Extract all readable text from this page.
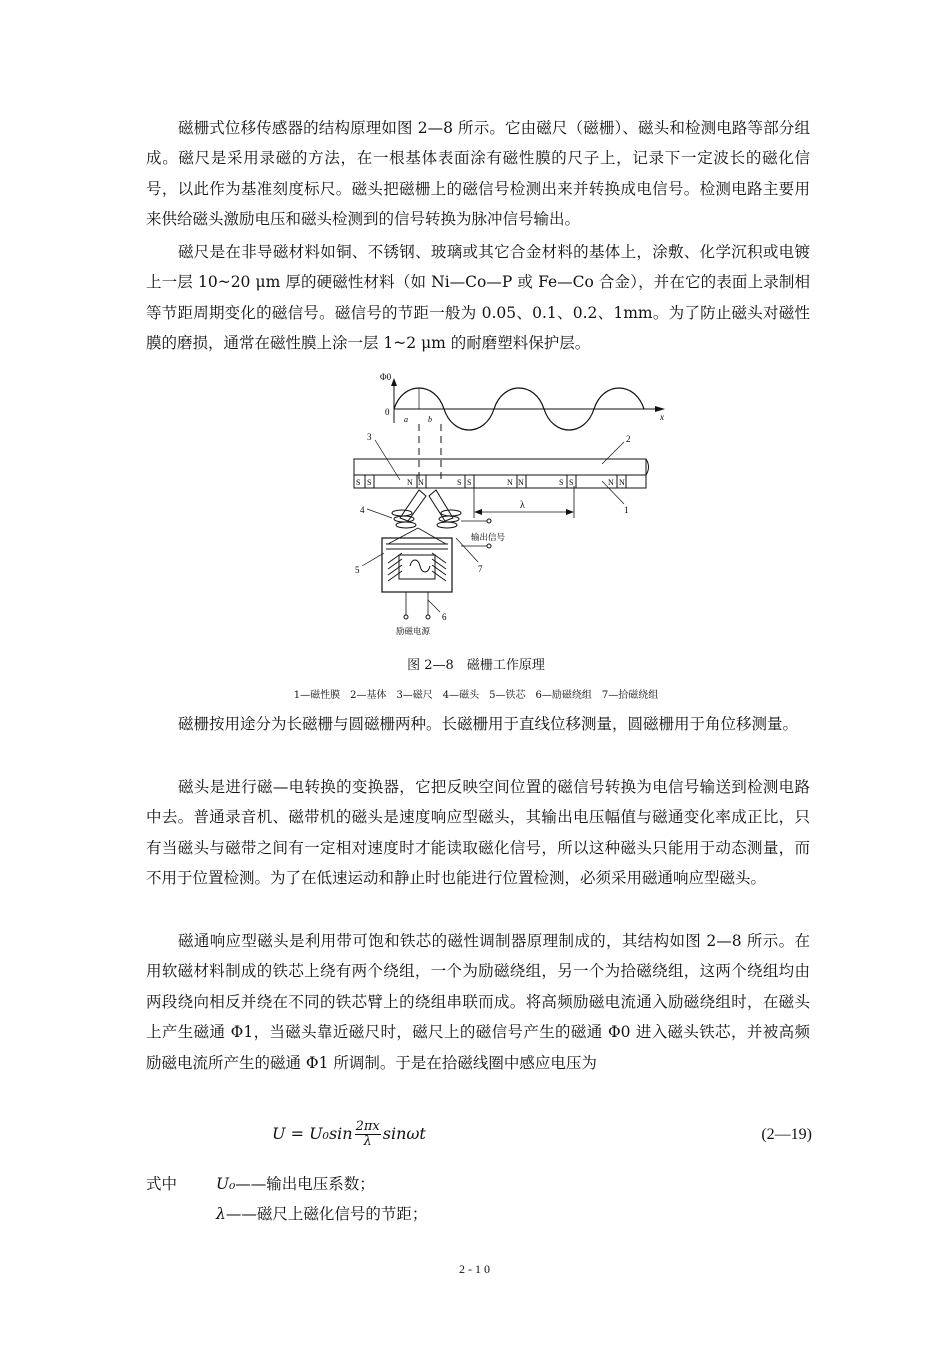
磁栅式位移传感器的结构原理如图 2—8 所示。它由磁尺（磁栅）、磁头和检测电路等部分组成。磁尺是采用录磁的方法，在一根基体表面涂有磁性膜的尺子上，记录下一定波长的磁化信号，以此作为基准刻度标尺。磁头把磁栅上的磁信号检测出来并转换成电信号。检测电路主要用来供给磁头激励电压和磁头检测到的信号转换为脉冲信号输出。

磁尺是在非导磁材料如铜、不锈钢、玻璃或其它合金材料的基体上，涂敷、化学沉积或电镀上一层 10~20 μm 厚的硬磁性材料（如 Ni—Co—P 或 Fe—Co 合金），并在它的表面上录制相等节距周期变化的磁信号。磁信号的节距一般为 0.05、0.1、0.2、1mm。为了防止磁头对磁性膜的磨损，通常在磁性膜上涂一层 1~2 μm 的耐磨塑料保护层。

Φ0
0	x
a	b
S S	N N	S S	N N	S S	N N
λ
3	2
1
4
输出信号
7
5
6
励磁电源
图 2—8　磁栅工作原理
1—磁性膜　2—基体　3—磁尺　4—磁头　5—铁芯　6—励磁绕组　7—拾磁绕组

磁栅按用途分为长磁栅与圆磁栅两种。长磁栅用于直线位移测量，圆磁栅用于角位移测量。

磁头是进行磁—电转换的变换器，它把反映空间位置的磁信号转换为电信号输送到检测电路中去。普通录音机、磁带机的磁头是速度响应型磁头，其输出电压幅值与磁通变化率成正比，只有当磁头与磁带之间有一定相对速度时才能读取磁化信号，所以这种磁头只能用于动态测量，而不用于位置检测。为了在低速运动和静止时也能进行位置检测，必须采用磁通响应型磁头。

磁通响应型磁头是利用带可饱和铁芯的磁性调制器原理制成的，其结构如图 2—8 所示。在用软磁材料制成的铁芯上绕有两个绕组，一个为励磁绕组，另一个为拾磁绕组，这两个绕组均由两段绕向相反并绕在不同的铁芯臂上的绕组串联而成。将高频励磁电流通入励磁绕组时，在磁头上产生磁通 Φ1，当磁头靠近磁尺时，磁尺上的磁信号产生的磁通 Φ0 进入磁头铁芯，并被高频励磁电流所产生的磁通 Φ1 所调制。于是在拾磁线圈中感应电压为

$U = U_0\sin \frac{2\pi x}{\lambda}$ sinωt	(2—19)
式中	U₀——输出电压系数；
λ——磁尺上磁化信号的节距；
2-10
